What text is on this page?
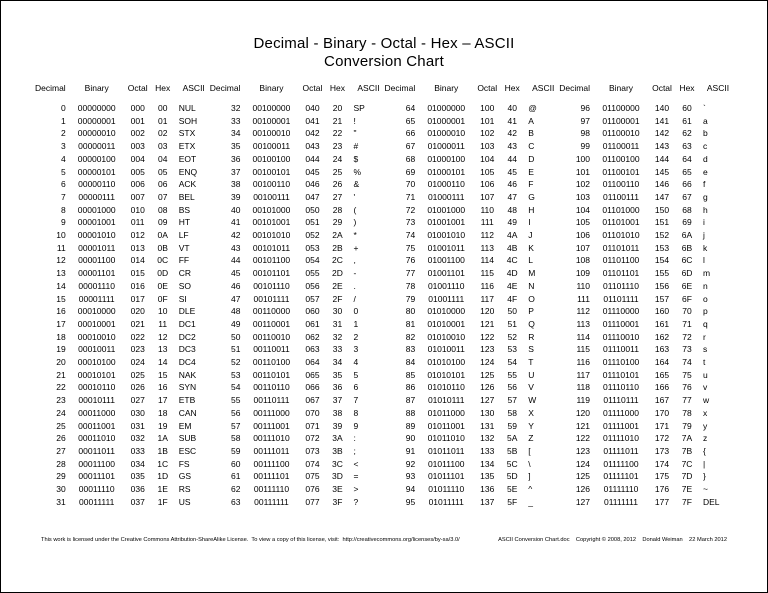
Decimal - Binary - Octal - Hex – ASCII
Conversion Chart
Decimal	Binary	Octal	Hex	ASCII
0	00000000	000	00	NUL
1	00000001	001	01	SOH
2	00000010	002	02	STX
3	00000011	003	03	ETX
4	00000100	004	04	EOT
5	00000101	005	05	ENQ
6	00000110	006	06	ACK
7	00000111	007	07	BEL
8	00001000	010	08	BS
9	00001001	011	09	HT
10	00001010	012	0A	LF
11	00001011	013	0B	VT
12	00001100	014	0C	FF
13	00001101	015	0D	CR
14	00001110	016	0E	SO
15	00001111	017	0F	SI
16	00010000	020	10	DLE
17	00010001	021	11	DC1
18	00010010	022	12	DC2
19	00010011	023	13	DC3
20	00010100	024	14	DC4
21	00010101	025	15	NAK
22	00010110	026	16	SYN
23	00010111	027	17	ETB
24	00011000	030	18	CAN
25	00011001	031	19	EM
26	00011010	032	1A	SUB
27	00011011	033	1B	ESC
28	00011100	034	1C	FS
29	00011101	035	1D	GS
30	00011110	036	1E	RS
31	00011111	037	1F	US
Decimal	Binary	Octal	Hex	ASCII
32	00100000	040	20	SP
33	00100001	041	21	!
34	00100010	042	22	"
35	00100011	043	23	#
36	00100100	044	24	$
37	00100101	045	25	%
38	00100110	046	26	&
39	00100111	047	27	'
40	00101000	050	28	(
41	00101001	051	29	)
42	00101010	052	2A	*
43	00101011	053	2B	+
44	00101100	054	2C	,
45	00101101	055	2D	-
46	00101110	056	2E	.
47	00101111	057	2F	/
48	00110000	060	30	0
49	00110001	061	31	1
50	00110010	062	32	2
51	00110011	063	33	3
52	00110100	064	34	4
53	00110101	065	35	5
54	00110110	066	36	6
55	00110111	067	37	7
56	00111000	070	38	8
57	00111001	071	39	9
58	00111010	072	3A	:
59	00111011	073	3B	;
60	00111100	074	3C	<
61	00111101	075	3D	=
62	00111110	076	3E	>
63	00111111	077	3F	?
Decimal	Binary	Octal	Hex	ASCII
64	01000000	100	40	@
65	01000001	101	41	A
66	01000010	102	42	B
67	01000011	103	43	C
68	01000100	104	44	D
69	01000101	105	45	E
70	01000110	106	46	F
71	01000111	107	47	G
72	01001000	110	48	H
73	01001001	111	49	I
74	01001010	112	4A	J
75	01001011	113	4B	K
76	01001100	114	4C	L
77	01001101	115	4D	M
78	01001110	116	4E	N
79	01001111	117	4F	O
80	01010000	120	50	P
81	01010001	121	51	Q
82	01010010	122	52	R
83	01010011	123	53	S
84	01010100	124	54	T
85	01010101	125	55	U
86	01010110	126	56	V
87	01010111	127	57	W
88	01011000	130	58	X
89	01011001	131	59	Y
90	01011010	132	5A	Z
91	01011011	133	5B	[
92	01011100	134	5C	\
93	01011101	135	5D	]
94	01011110	136	5E	^
95	01011111	137	5F	_
Decimal	Binary	Octal	Hex	ASCII
96	01100000	140	60	`
97	01100001	141	61	a
98	01100010	142	62	b
99	01100011	143	63	c
100	01100100	144	64	d
101	01100101	145	65	e
102	01100110	146	66	f
103	01100111	147	67	g
104	01101000	150	68	h
105	01101001	151	69	i
106	01101010	152	6A	j
107	01101011	153	6B	k
108	01101100	154	6C	l
109	01101101	155	6D	m
110	01101110	156	6E	n
111	01101111	157	6F	o
112	01110000	160	70	p
113	01110001	161	71	q
114	01110010	162	72	r
115	01110011	163	73	s
116	01110100	164	74	t
117	01110101	165	75	u
118	01110110	166	76	v
119	01110111	167	77	w
120	01111000	170	78	x
121	01111001	171	79	y
122	01111010	172	7A	z
123	01111011	173	7B	{
124	01111100	174	7C	|
125	01111101	175	7D	}
126	01111110	176	7E	~
127	01111111	177	7F	DEL
This work is licensed under the Creative Commons Attribution-ShareAlike License.  To view a copy of this license, visit:  http://creativecommons.org/licenses/by-sa/3.0/	ASCII Conversion Chart.doc    Copyright © 2008, 2012    Donald Weiman    22 March 2012
